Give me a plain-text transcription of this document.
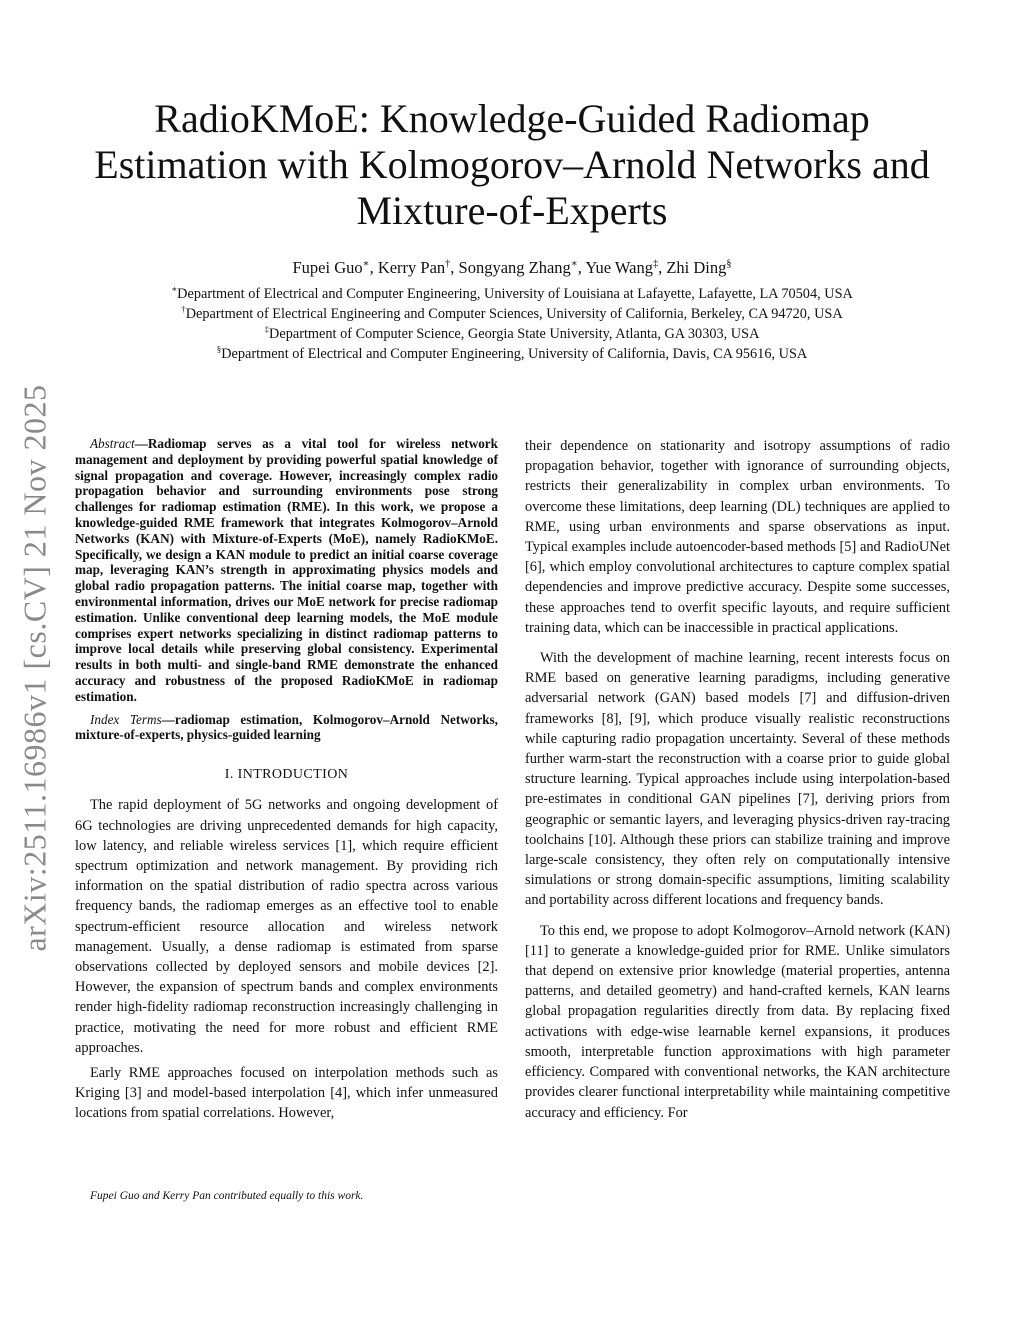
arXiv:2511.16986v1 [cs.CV] 21 Nov 2025
RadioKMoE: Knowledge-Guided Radiomap
Estimation with Kolmogorov–Arnold Networks and
Mixture-of-Experts
Fupei Guo∗, Kerry Pan†, Songyang Zhang∗, Yue Wang‡, Zhi Ding§
∗Department of Electrical and Computer Engineering, University of Louisiana at Lafayette, Lafayette, LA 70504, USA
†Department of Electrical Engineering and Computer Sciences, University of California, Berkeley, CA 94720, USA
‡Department of Computer Science, Georgia State University, Atlanta, GA 30303, USA
§Department of Electrical and Computer Engineering, University of California, Davis, CA 95616, USA

Abstract—Radiomap serves as a vital tool for wireless network management and deployment by providing powerful spatial knowledge of signal propagation and coverage. However, increasingly complex radio propagation behavior and surrounding environments pose strong challenges for radiomap estimation (RME). In this work, we propose a knowledge-guided RME framework that integrates Kolmogorov–Arnold Networks (KAN) with Mixture-of-Experts (MoE), namely RadioKMoE. Specifically, we design a KAN module to predict an initial coarse coverage map, leveraging KAN’s strength in approximating physics models and global radio propagation patterns. The initial coarse map, together with environmental information, drives our MoE network for precise radiomap estimation. Unlike conventional deep learning models, the MoE module comprises expert networks specializing in distinct radiomap patterns to improve local details while preserving global consistency. Experimental results in both multi- and single-band RME demonstrate the enhanced accuracy and robustness of the proposed RadioKMoE in radiomap estimation.

Index Terms—radiomap estimation, Kolmogorov–Arnold Networks, mixture-of-experts, physics-guided learning

I. INTRODUCTION

The rapid deployment of 5G networks and ongoing development of 6G technologies are driving unprecedented demands for high capacity, low latency, and reliable wireless services [1], which require efficient spectrum optimization and network management. By providing rich information on the spatial distribution of radio spectra across various frequency bands, the radiomap emerges as an effective tool to enable spectrum-efficient resource allocation and wireless network management. Usually, a dense radiomap is estimated from sparse observations collected by deployed sensors and mobile devices [2]. However, the expansion of spectrum bands and complex environments render high-fidelity radiomap reconstruction increasingly challenging in practice, motivating the need for more robust and efficient RME approaches.

Early RME approaches focused on interpolation methods such as Kriging [3] and model-based interpolation [4], which infer unmeasured locations from spatial correlations. However,

their dependence on stationarity and isotropy assumptions of radio propagation behavior, together with ignorance of surrounding objects, restricts their generalizability in complex urban environments. To overcome these limitations, deep learning (DL) techniques are applied to RME, using urban environments and sparse observations as input. Typical examples include autoencoder-based methods [5] and RadioUNet [6], which employ convolutional architectures to capture complex spatial dependencies and improve predictive accuracy. Despite some successes, these approaches tend to overfit specific layouts, and require sufficient training data, which can be inaccessible in practical applications.

With the development of machine learning, recent interests focus on RME based on generative learning paradigms, including generative adversarial network (GAN) based models [7] and diffusion-driven frameworks [8], [9], which produce visually realistic reconstructions while capturing radio propagation uncertainty. Several of these methods further warm-start the reconstruction with a coarse prior to guide global structure learning. Typical approaches include using interpolation-based pre-estimates in conditional GAN pipelines [7], deriving priors from geographic or semantic layers, and leveraging physics-driven ray-tracing toolchains [10]. Although these priors can stabilize training and improve large-scale consistency, they often rely on computationally intensive simulations or strong domain-specific assumptions, limiting scalability and portability across different locations and frequency bands.

To this end, we propose to adopt Kolmogorov–Arnold network (KAN) [11] to generate a knowledge-guided prior for RME. Unlike simulators that depend on extensive prior knowledge (material properties, antenna patterns, and detailed geometry) and hand-crafted kernels, KAN learns global propagation regularities directly from data. By replacing fixed activations with edge-wise learnable kernel expansions, it produces smooth, interpretable function approximations with high parameter efficiency. Compared with conventional networks, the KAN architecture provides clearer functional interpretability while maintaining competitive accuracy and efficiency. For

Fupei Guo and Kerry Pan contributed equally to this work.
